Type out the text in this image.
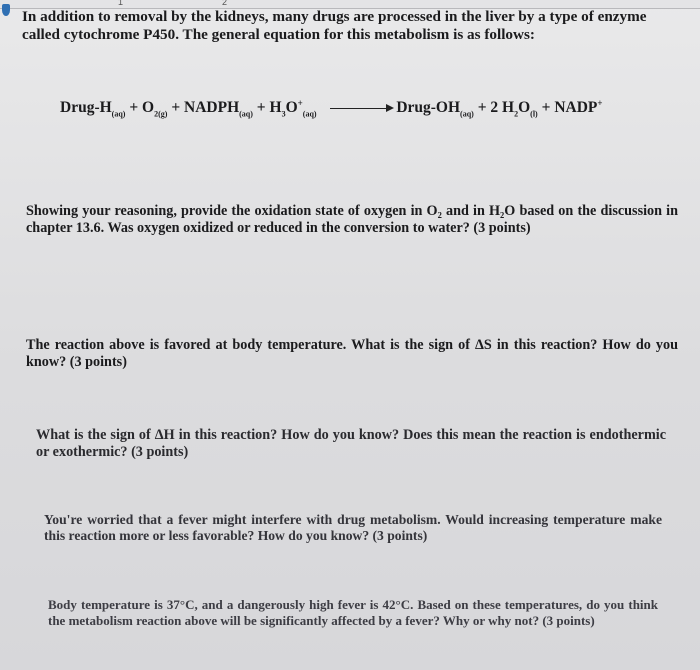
1	2
In addition to removal by the kidneys, many drugs are processed in the liver by a type of enzyme
called cytochrome P450. The general equation for this metabolism is as follows:
Drug-$H_{(aq)} + O_{2(g)}$ + $NADPH_{(aq)} + H_3O^+_{(aq)}$ → Drug-$OH_{(aq)} + 2$ $H_2O_{(l)}$ + NADP+
Showing your reasoning, provide the oxidation state of oxygen in O₂ and in H₂O based on the discussion in chapter 13.6. Was oxygen oxidized or reduced in the conversion to water? (3 points)
The reaction above is favored at body temperature. What is the sign of ΔS in this reaction? How do you know? (3 points)
What is the sign of ΔH in this reaction? How do you know? Does this mean the reaction is endothermic or exothermic? (3 points)
You're worried that a fever might interfere with drug metabolism. Would increasing temperature make this reaction more or less favorable? How do you know? (3 points)
Body temperature is 37°C, and a dangerously high fever is 42°C. Based on these temperatures, do you think the metabolism reaction above will be significantly affected by a fever? Why or why not? (3 points)
